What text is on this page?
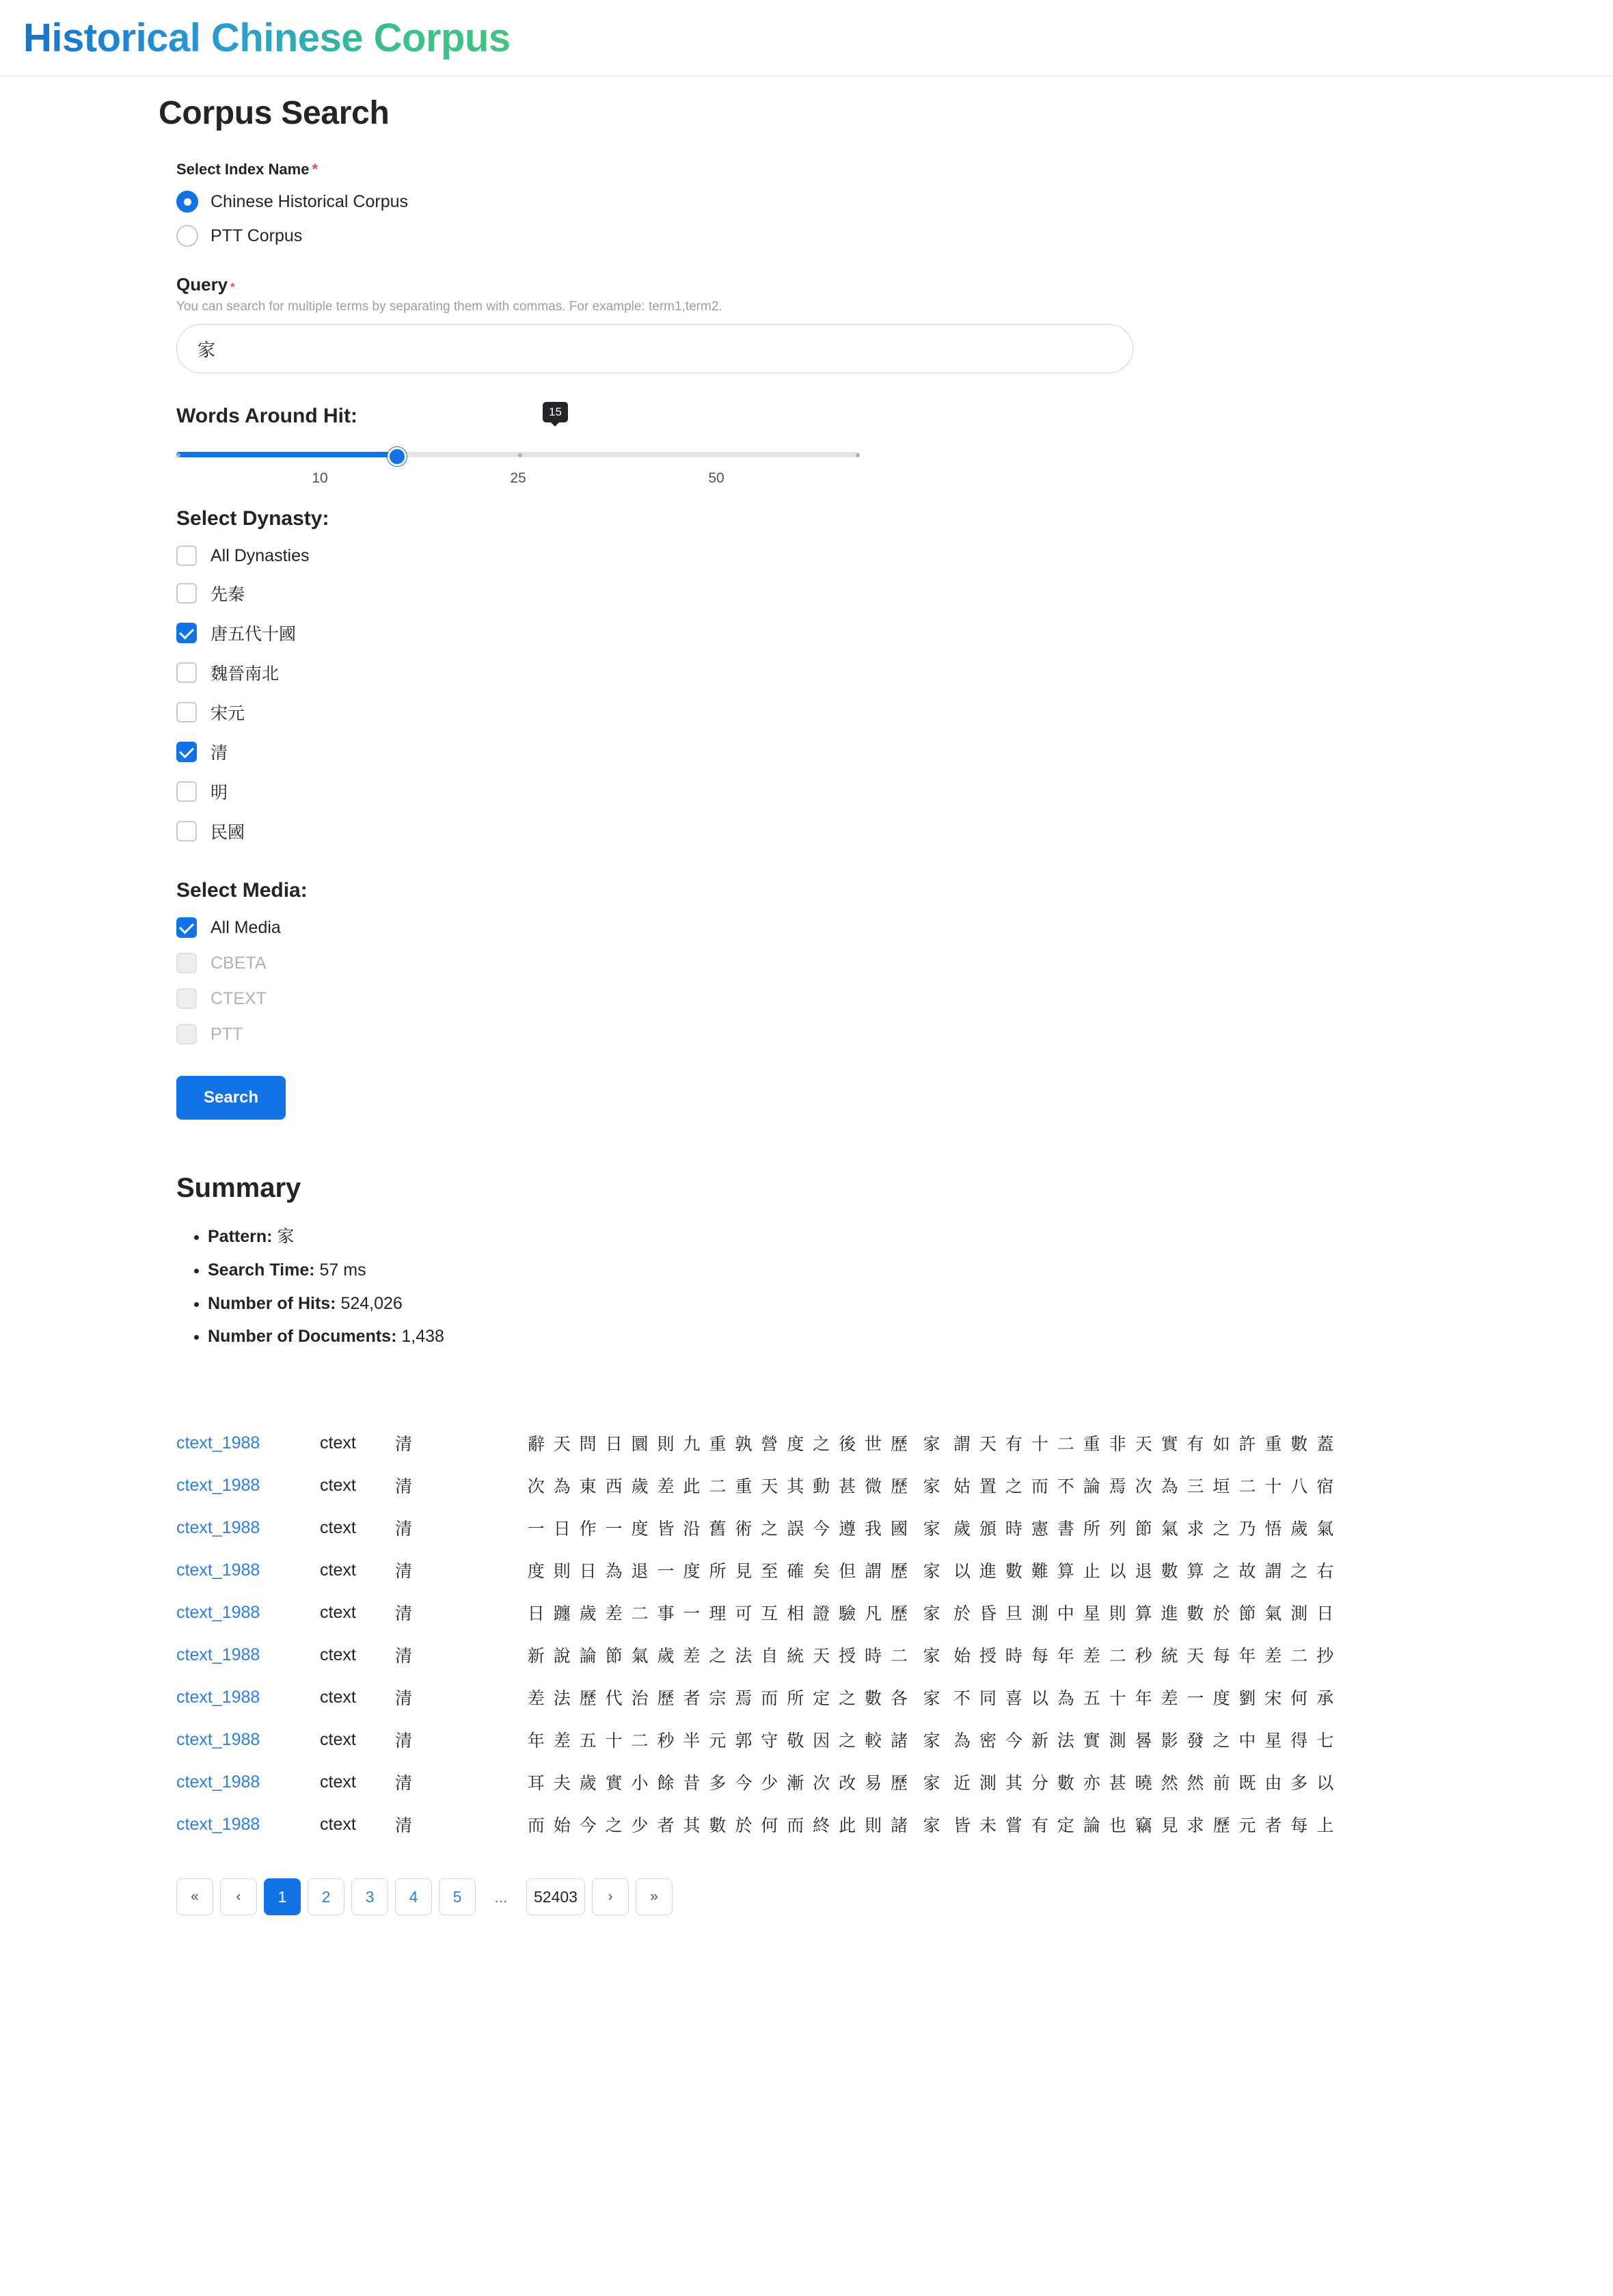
Historical Chinese Corpus
Corpus Search
Select Index Name *
Chinese Historical Corpus
PTT Corpus
Query *
You can search for multiple terms by separating them with commas. For example: term1,term2.
家
Words Around Hit:	15
10	25	50
Select Dynasty:
All Dynasties
先秦
唐五代十國
魏晉南北
宋元
清
明
民國
Select Media:
All Media
CBETA
CTEXT
PTT
Search
Summary
• Pattern: 家
• Search Time: 57 ms
• Number of Hits: 524,026
• Number of Documents: 1,438
ctext_1988	ctext	清	辭 天 問 日 圜 則 九 重 孰 營 度 之 後 世 歷	家	謂 天 有 十 二 重 非 天 實 有 如 許 重 數 蓋
ctext_1988	ctext	清	次 為 東 西 歲 差 此 二 重 天 其 動 甚 微 歷	家	姑 置 之 而 不 論 焉 次 為 三 垣 二 十 八 宿
ctext_1988	ctext	清	一 日 作 一 度 皆 沿 舊 術 之 誤 今 遵 我 國	家	歲 頒 時 憲 書 所 列 節 氣 求 之 乃 悟 歲 氣
ctext_1988	ctext	清	度 則 日 為 退 一 度 所 見 至 確 矣 但 謂 歷	家	以 進 數 難 算 止 以 退 數 算 之 故 謂 之 右
ctext_1988	ctext	清	日 躔 歲 差 二 事 一 理 可 互 相 證 驗 凡 歷	家	於 昏 旦 測 中 星 則 算 進 數 於 節 氣 測 日
ctext_1988	ctext	清	新 說 論 節 氣 歲 差 之 法 自 統 天 授 時 二	家	始 授 時 每 年 差 二 秒 統 天 每 年 差 二 抄
ctext_1988	ctext	清	差 法 歷 代 治 歷 者 宗 焉 而 所 定 之 數 各	家	不 同 喜 以 為 五 十 年 差 一 度 劉 宋 何 承
ctext_1988	ctext	清	年 差 五 十 二 秒 半 元 郭 守 敬 因 之 較 諸	家	為 密 今 新 法 實 測 晷 影 發 之 中 星 得 七
ctext_1988	ctext	清	耳 夫 歲 實 小 餘 昔 多 今 少 漸 次 改 易 歷	家	近 測 其 分 數 亦 甚 曉 然 然 前 既 由 多 以
ctext_1988	ctext	清	而 始 今 之 少 者 其 數 於 何 而 終 此 則 諸	家	皆 未 嘗 有 定 論 也 竊 見 求 歷 元 者 每 上
«	‹	1	2	3	4	5	...	52403	›	»
